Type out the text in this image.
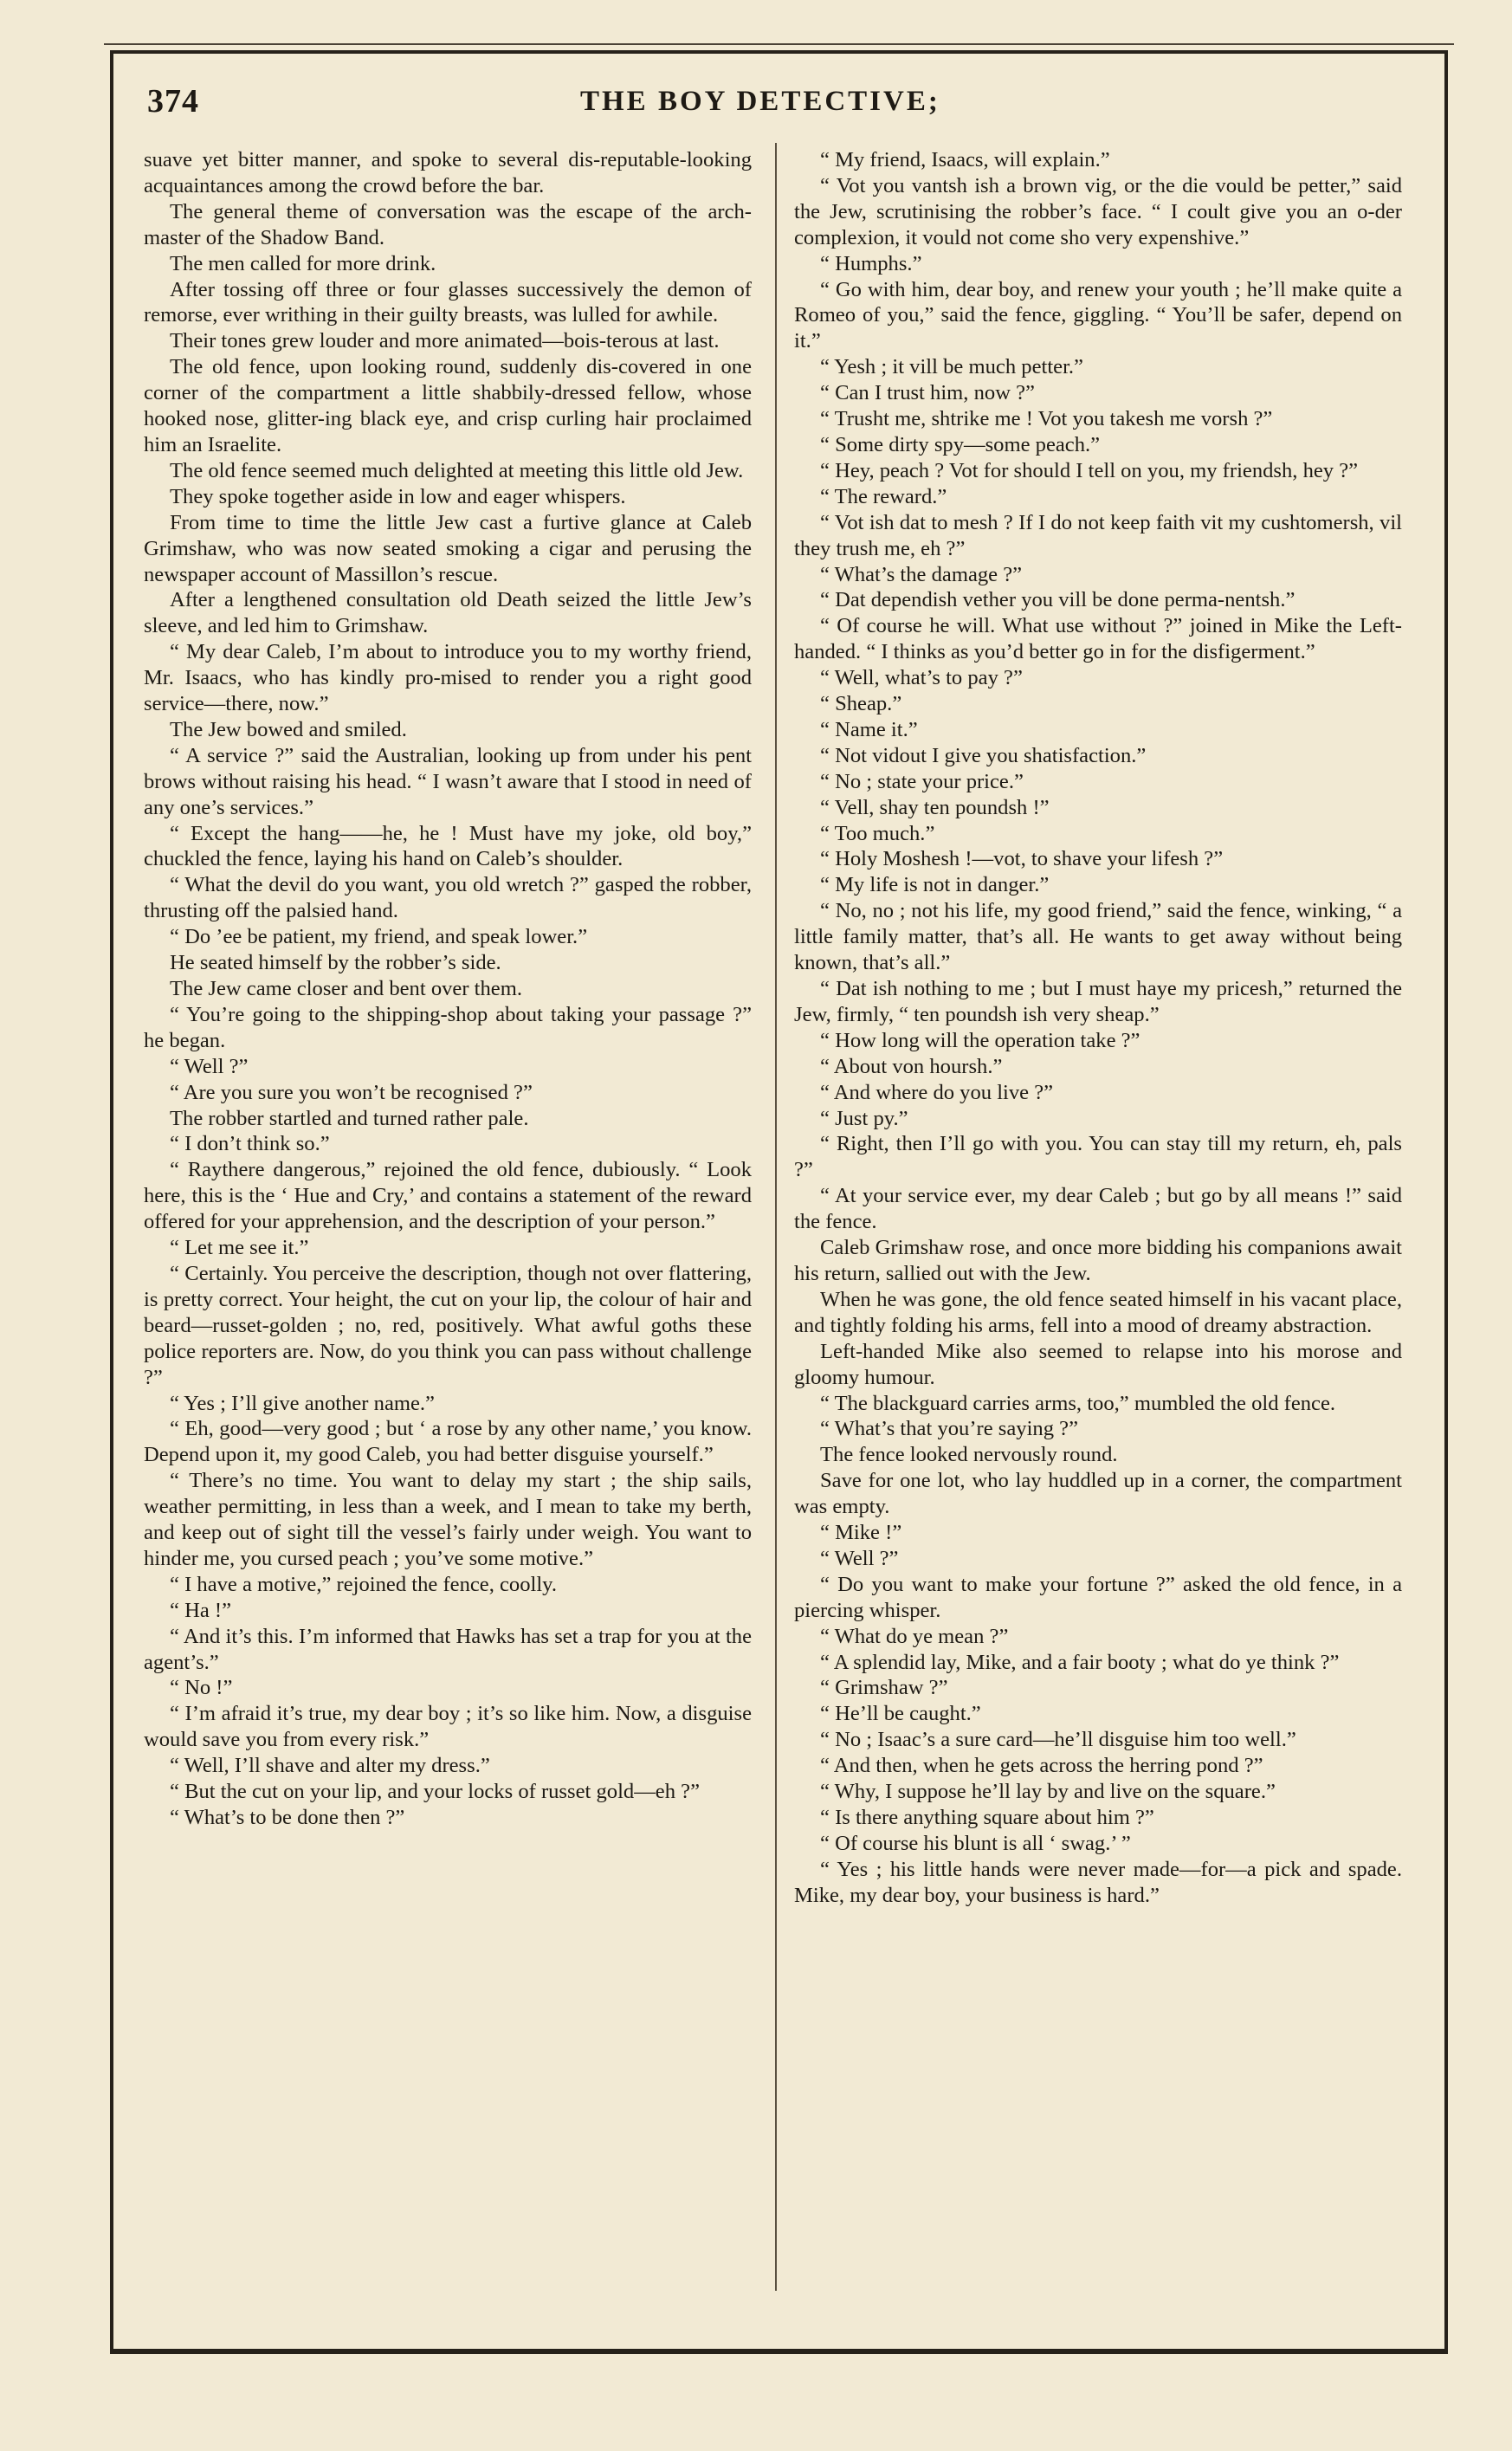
374	THE BOY DETECTIVE;

suave yet bitter manner, and spoke to several dis-reputable-looking acquaintances among the crowd before the bar.

The general theme of conversation was the escape of the arch-master of the Shadow Band.

The men called for more drink.

After tossing off three or four glasses successively the demon of remorse, ever writhing in their guilty breasts, was lulled for awhile.

Their tones grew louder and more animated—bois-terous at last.

The old fence, upon looking round, suddenly dis-covered in one corner of the compartment a little shabbily-dressed fellow, whose hooked nose, glitter-ing black eye, and crisp curling hair proclaimed him an Israelite.

The old fence seemed much delighted at meeting this little old Jew.

They spoke together aside in low and eager whispers.

From time to time the little Jew cast a furtive glance at Caleb Grimshaw, who was now seated smoking a cigar and perusing the newspaper account of Massillon’s rescue.

After a lengthened consultation old Death seized the little Jew’s sleeve, and led him to Grimshaw.

“ My dear Caleb, I’m about to introduce you to my worthy friend, Mr. Isaacs, who has kindly pro-mised to render you a right good service—there, now.”

The Jew bowed and smiled.

“ A service ?” said the Australian, looking up from under his pent brows without raising his head. “ I wasn’t aware that I stood in need of any one’s services.”

“ Except the hang——he, he ! Must have my joke, old boy,” chuckled the fence, laying his hand on Caleb’s shoulder.

“ What the devil do you want, you old wretch ?” gasped the robber, thrusting off the palsied hand.

“ Do ’ee be patient, my friend, and speak lower.”

He seated himself by the robber’s side.

The Jew came closer and bent over them.

“ You’re going to the shipping-shop about taking your passage ?” he began.

“ Well ?”

“ Are you sure you won’t be recognised ?”

The robber startled and turned rather pale.

“ I don’t think so.”

“ Raythere dangerous,” rejoined the old fence, dubiously. “ Look here, this is the ‘ Hue and Cry,’ and contains a statement of the reward offered for your apprehension, and the description of your person.”

“ Let me see it.”

“ Certainly. You perceive the description, though not over flattering, is pretty correct. Your height, the cut on your lip, the colour of hair and beard—russet-golden ; no, red, positively. What awful goths these police reporters are. Now, do you think you can pass without challenge ?”

“ Yes ; I’ll give another name.”

“ Eh, good—very good ; but ‘ a rose by any other name,’ you know. Depend upon it, my good Caleb, you had better disguise yourself.”

“ There’s no time. You want to delay my start ; the ship sails, weather permitting, in less than a week, and I mean to take my berth, and keep out of sight till the vessel’s fairly under weigh. You want to hinder me, you cursed peach ; you’ve some motive.”

“ I have a motive,” rejoined the fence, coolly.

“ Ha !”

“ And it’s this. I’m informed that Hawks has set a trap for you at the agent’s.”

“ No !”

“ I’m afraid it’s true, my dear boy ; it’s so like him. Now, a disguise would save you from every risk.”

“ Well, I’ll shave and alter my dress.”

“ But the cut on your lip, and your locks of russet gold—eh ?”

“ What’s to be done then ?”

“ My friend, Isaacs, will explain.”

“ Vot you vantsh ish a brown vig, or the die vould be petter,” said the Jew, scrutinising the robber’s face. “ I coult give you an o-der complexion, it vould not come sho very expenshive.”

“ Humphs.”

“ Go with him, dear boy, and renew your youth ; he’ll make quite a Romeo of you,” said the fence, giggling. “ You’ll be safer, depend on it.”

“ Yesh ; it vill be much petter.”

“ Can I trust him, now ?”

“ Trusht me, shtrike me ! Vot you takesh me vorsh ?”

“ Some dirty spy—some peach.”

“ Hey, peach ? Vot for should I tell on you, my friendsh, hey ?”

“ The reward.”

“ Vot ish dat to mesh ? If I do not keep faith vit my cushtomersh, vil they trush me, eh ?”

“ What’s the damage ?”

“ Dat dependish vether you vill be done perma-nentsh.”

“ Of course he will. What use without ?” joined in Mike the Left-handed. “ I thinks as you’d better go in for the disfigerment.”

“ Well, what’s to pay ?”

“ Sheap.”

“ Name it.”

“ Not vidout I give you shatisfaction.”

“ No ; state your price.”

“ Vell, shay ten poundsh !”

“ Too much.”

“ Holy Moshesh !—vot, to shave your lifesh ?”

“ My life is not in danger.”

“ No, no ; not his life, my good friend,” said the fence, winking, “ a little family matter, that’s all. He wants to get away without being known, that’s all.”

“ Dat ish nothing to me ; but I must haye my pricesh,” returned the Jew, firmly, “ ten poundsh ish very sheap.”

“ How long will the operation take ?”

“ About von hoursh.”

“ And where do you live ?”

“ Just py.”

“ Right, then I’ll go with you. You can stay till my return, eh, pals ?”

“ At your service ever, my dear Caleb ; but go by all means !” said the fence.

Caleb Grimshaw rose, and once more bidding his companions await his return, sallied out with the Jew.

When he was gone, the old fence seated himself in his vacant place, and tightly folding his arms, fell into a mood of dreamy abstraction.

Left-handed Mike also seemed to relapse into his morose and gloomy humour.

“ The blackguard carries arms, too,” mumbled the old fence.

“ What’s that you’re saying ?”

The fence looked nervously round.

Save for one lot, who lay huddled up in a corner, the compartment was empty.

“ Mike !”

“ Well ?”

“ Do you want to make your fortune ?” asked the old fence, in a piercing whisper.

“ What do ye mean ?”

“ A splendid lay, Mike, and a fair booty ; what do ye think ?”

“ Grimshaw ?”

“ He’ll be caught.”

“ No ; Isaac’s a sure card—he’ll disguise him too well.”

“ And then, when he gets across the herring pond ?”

“ Why, I suppose he’ll lay by and live on the square.”

“ Is there anything square about him ?”

“ Of course his blunt is all ‘ swag.’ ”

“ Yes ; his little hands were never made—for—a pick and spade. Mike, my dear boy, your business is hard.”
